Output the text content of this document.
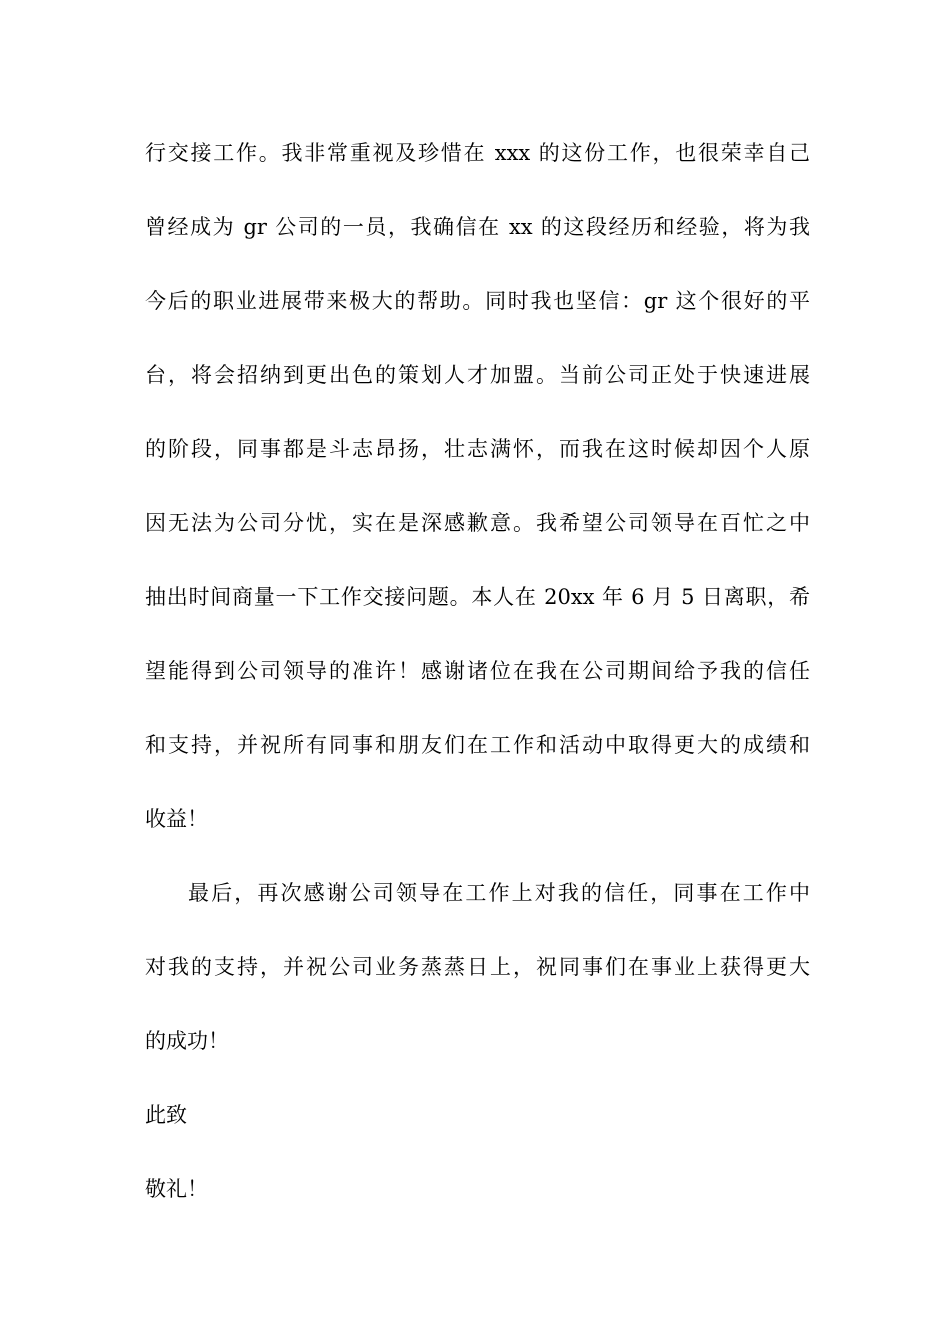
行交接工作。我非常重视及珍惜在 xxx 的这份工作，也很荣幸自己
曾经成为 gr 公司的一员，我确信在 xx 的这段经历和经验，将为我
今后的职业进展带来极大的帮助。同时我也坚信：gr 这个很好的平
台，将会招纳到更出色的策划人才加盟。当前公司正处于快速进展
的阶段，同事都是斗志昂扬，壮志满怀，而我在这时候却因个人原
因无法为公司分忧，实在是深感歉意。我希望公司领导在百忙之中
抽出时间商量一下工作交接问题。本人在 20xx 年 6 月 5 日离职，希
望能得到公司领导的准许！感谢诸位在我在公司期间给予我的信任
和支持，并祝所有同事和朋友们在工作和活动中取得更大的成绩和
收益！
最后，再次感谢公司领导在工作上对我的信任，同事在工作中
对我的支持，并祝公司业务蒸蒸日上，祝同事们在事业上获得更大
的成功！
此致
敬礼！
